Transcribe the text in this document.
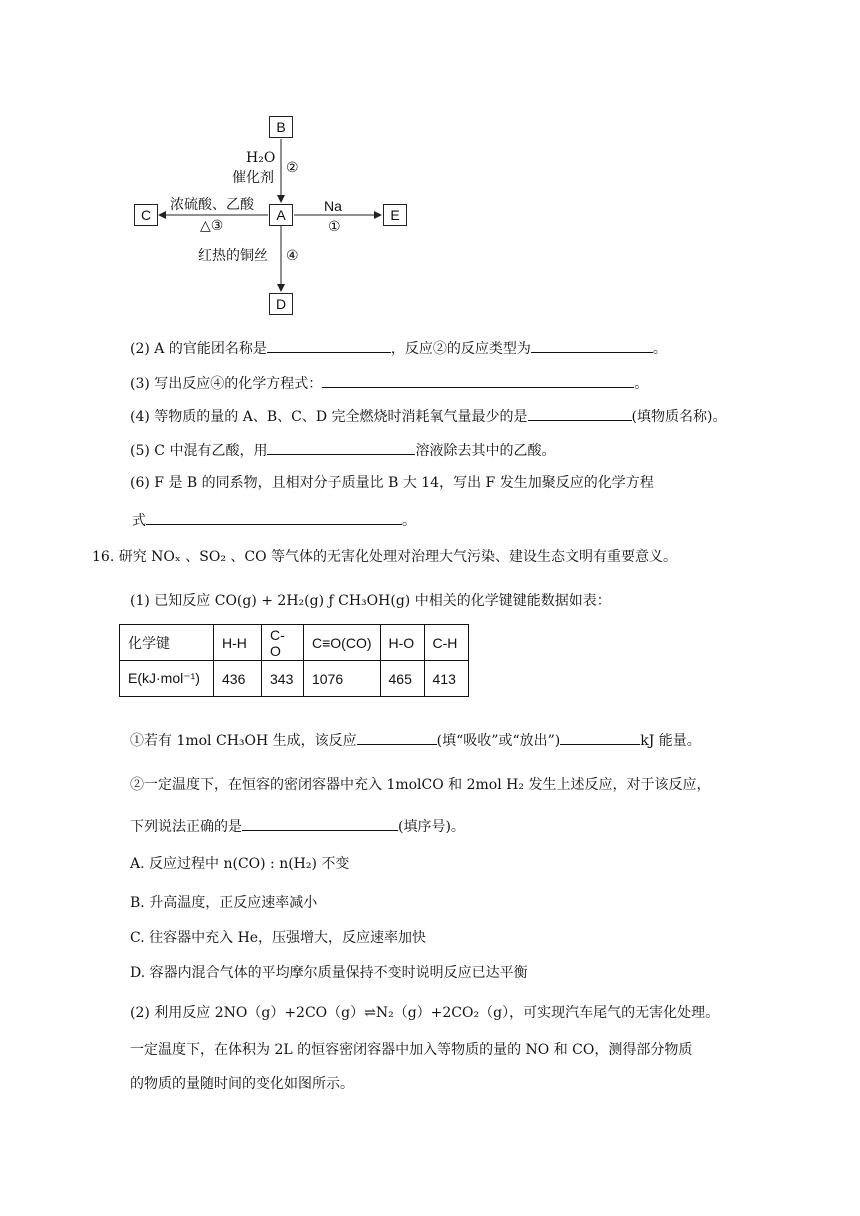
B
A
C	E
D
H₂O
催化剂
②
浓硫酸、乙酸
△③
Na
①
红热的铜丝 ④
(2) A 的官能团名称是	，反应②的反应类型为	。
(3) 写出反应④的化学方程式：	。
(4) 等物质的量的 A、B、C、D 完全燃烧时消耗氧气量最少的是	(填物质名称)。
(5) C 中混有乙酸，用	溶液除去其中的乙酸。
(6) F 是 B 的同系物，且相对分子质量比 B 大 14，写出 F 发生加聚反应的化学方程
式	。
16. 研究 NOₓ 、SO₂ 、CO 等气体的无害化处理对治理大气污染、建设生态文明有重要意义。
(1) 已知反应 CO(g) + 2H₂(g) ƒ CH₃OH(g) 中相关的化学键键能数据如表：
化学键	H-H	C-O	C≡O(CO)	H-O	C-H
E(kJ·mol⁻¹)	436	343	1076	465	413
①若有 1mol CH₃OH 生成，该反应	(填“吸收”或“放出”)	kJ 能量。
②一定温度下，在恒容的密闭容器中充入 1molCO 和 2mol H₂ 发生上述反应，对于该反应，
下列说法正确的是	(填序号)。
A. 反应过程中 n(CO) : n(H₂) 不变
B. 升高温度，正反应速率减小
C. 往容器中充入 He，压强增大，反应速率加快
D. 容器内混合气体的平均摩尔质量保持不变时说明反应已达平衡
(2) 利用反应 2NO（g）+2CO（g）⇌N₂（g）+2CO₂（g），可实现汽车尾气的无害化处理。
一定温度下，在体积为 2L 的恒容密闭容器中加入等物质的量的 NO 和 CO，测得部分物质
的物质的量随时间的变化如图所示。
